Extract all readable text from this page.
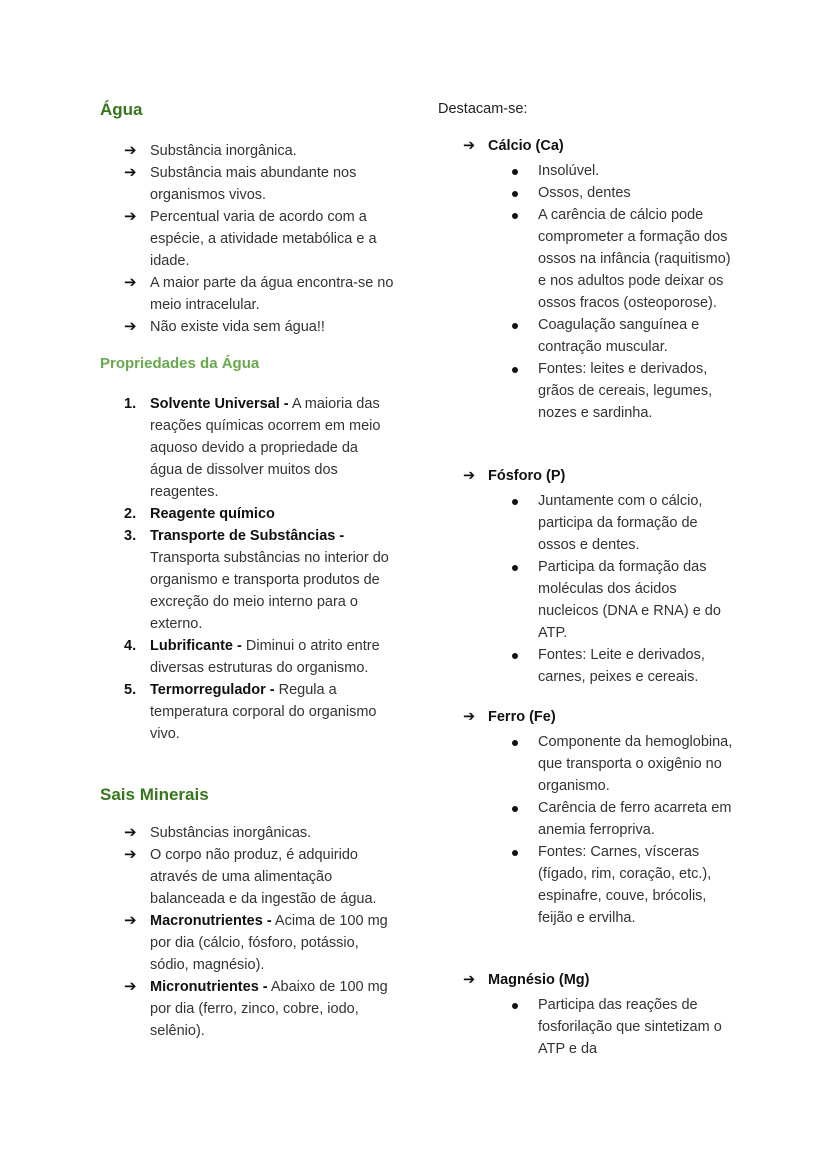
Água
➔ Substância inorgânica.
➔ Substância mais abundante nos organismos vivos.
➔ Percentual varia de acordo com a espécie, a atividade metabólica e a idade.
➔ A maior parte da água encontra-se no meio intracelular.
➔ Não existe vida sem água!!
Propriedades da Água
1. Solvente Universal - A maioria das reações químicas ocorrem em meio aquoso devido a propriedade da água de dissolver muitos dos reagentes.
2. Reagente químico
3. Transporte de Substâncias - Transporta substâncias no interior do organismo e transporta produtos de excreção do meio interno para o externo.
4. Lubrificante - Diminui o atrito entre diversas estruturas do organismo.
5. Termorregulador - Regula a temperatura corporal do organismo vivo.
Sais Minerais
➔ Substâncias inorgânicas.
➔ O corpo não produz, é adquirido através de uma alimentação balanceada e da ingestão de água.
➔ Macronutrientes - Acima de 100 mg por dia (cálcio, fósforo, potássio, sódio, magnésio).
➔ Micronutrientes - Abaixo de 100 mg por dia (ferro, zinco, cobre, iodo, selênio).
Destacam-se:
➔ Cálcio (Ca)
Insolúvel.
Ossos, dentes
A carência de cálcio pode comprometer a formação dos ossos na infância (raquitismo) e nos adultos pode deixar os ossos fracos (osteoporose).
Coagulação sanguínea e contração muscular.
Fontes: leites e derivados, grãos de cereais, legumes, nozes e sardinha.
➔ Fósforo (P)
Juntamente com o cálcio, participa da formação de ossos e dentes.
Participa da formação das moléculas dos ácidos nucleicos (DNA e RNA) e do ATP.
Fontes: Leite e derivados, carnes, peixes e cereais.
➔ Ferro (Fe)
Componente da hemoglobina, que transporta o oxigênio no organismo.
Carência de ferro acarreta em anemia ferropriva.
Fontes: Carnes, vísceras (fígado, rim, coração, etc.), espinafre, couve, brócolis, feijão e ervilha.
➔ Magnésio (Mg)
Participa das reações de fosforilação que sintetizam o ATP e da
